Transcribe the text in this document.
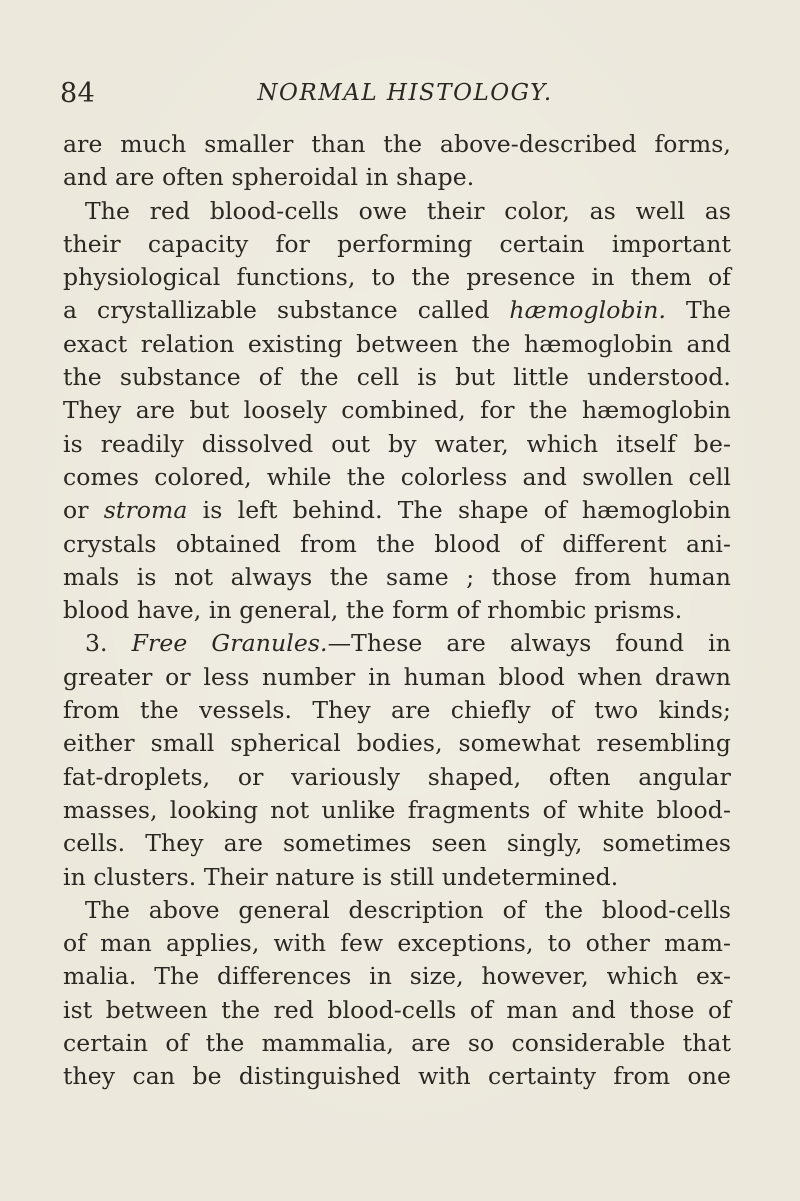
84	NORMAL HISTOLOGY.
are much smaller than the above-described forms,
and are often spheroidal in shape.
The red blood-cells owe their color, as well as
their capacity for performing certain important
physiological functions, to the presence in them of
a crystallizable substance called hæmoglobin. The
exact relation existing between the hæmoglobin and
the substance of the cell is but little understood.
They are but loosely combined, for the hæmoglobin
is readily dissolved out by water, which itself be-
comes colored, while the colorless and swollen cell
or stroma is left behind. The shape of hæmoglobin
crystals obtained from the blood of different ani-
mals is not always the same ; those from human
blood have, in general, the form of rhombic prisms.
3. Free Granules.—These are always found in
greater or less number in human blood when drawn
from the vessels. They are chiefly of two kinds;
either small spherical bodies, somewhat resembling
fat-droplets, or variously shaped, often angular
masses, looking not unlike fragments of white blood-
cells. They are sometimes seen singly, sometimes
in clusters. Their nature is still undetermined.
The above general description of the blood-cells
of man applies, with few exceptions, to other mam-
malia. The differences in size, however, which ex-
ist between the red blood-cells of man and those of
certain of the mammalia, are so considerable that
they can be distinguished with certainty from one
